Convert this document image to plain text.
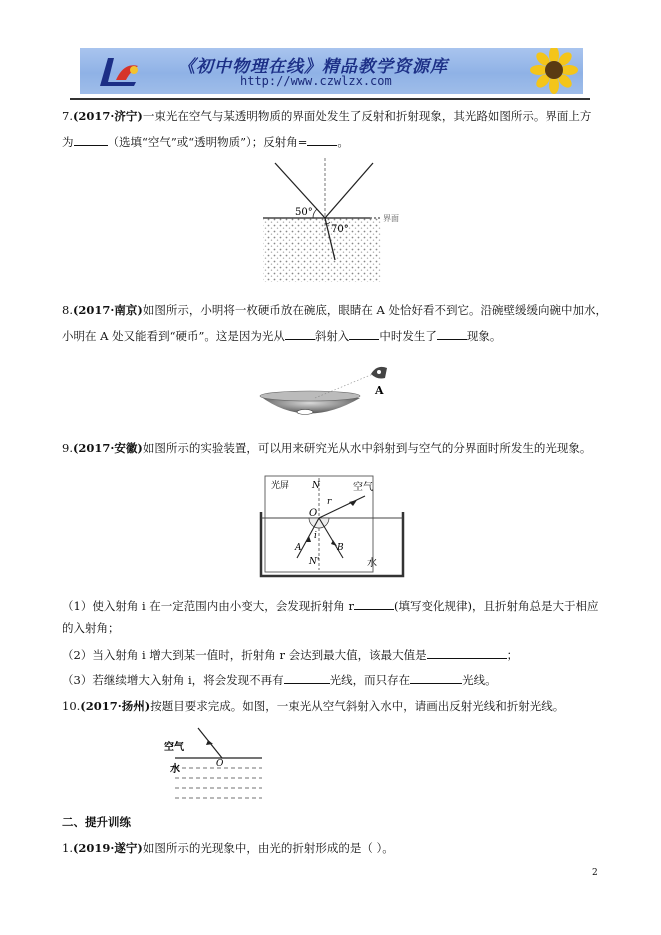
《初中物理在线》精品教学资源库
http://www.czwlzx.com
7.(2017·济宁)一束光在空气与某透明物质的界面处发生了反射和折射现象，其光路如图所示。界面上方
为	（选填“空气”或“透明物质”）；反射角=	。
50°
70°
界面
8.(2017·南京)如图所示，小明将一枚硬币放在碗底，眼睛在 A 处恰好看不到它。沿碗壁缓缓向碗中加水，
小明在 A 处又能看到“硬币”。这是因为光从	斜射入	中时发生了	现象。
A
9.(2017·安徽)如图所示的实验装置，可以用来研究光从水中斜射到与空气的分界面时所发生的光现象。
光屏	空气
水
N
N'
O
r
i
A	B
（1）使入射角 i 在一定范围内由小变大，会发现折射角 r	(填写变化规律)，且折射角总是大于相应
的入射角；
（2）当入射角 i 增大到某一值时，折射角 r 会达到最大值，该最大值是	；
（3）若继续增大入射角 i，将会发现不再有	光线，而只存在	光线。
10.(2017·扬州)按题目要求完成。如图，一束光从空气斜射入水中，请画出反射光线和折射光线。
空气
水	O
二、提升训练
1.(2019·遂宁)如图所示的光现象中，由光的折射形成的是（ ）。
2
